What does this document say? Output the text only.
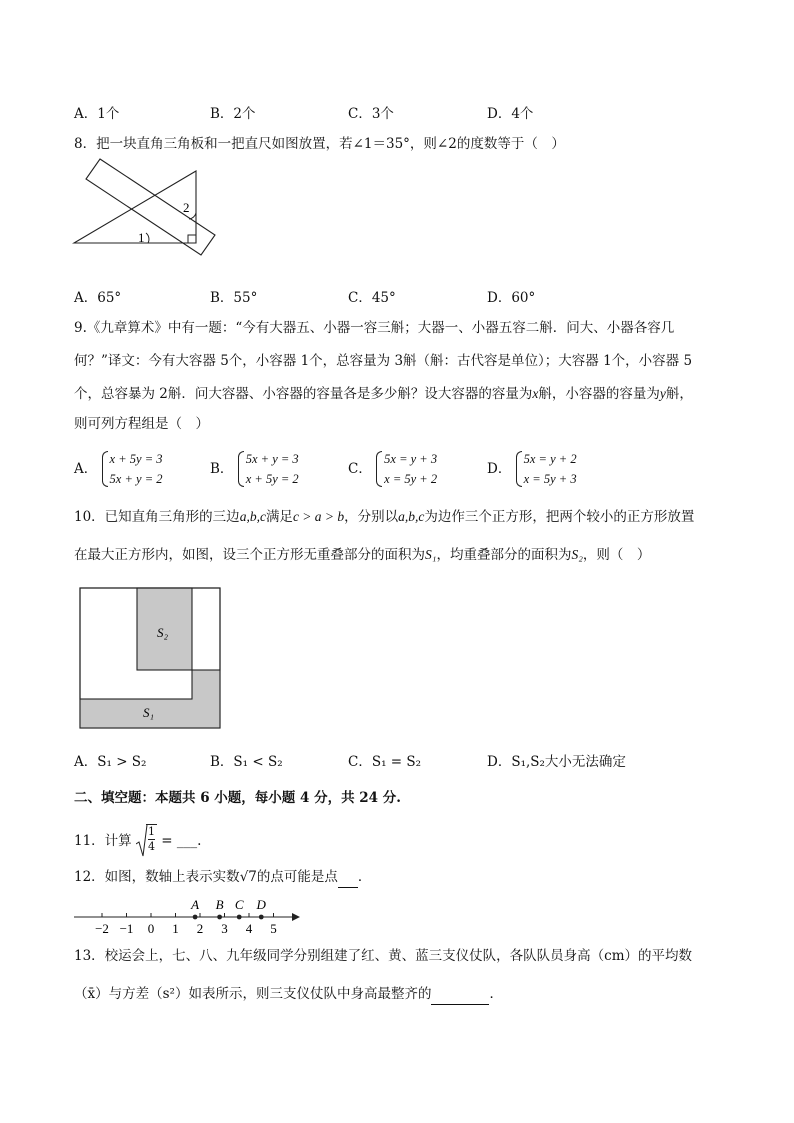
A．1个	B．2个	C．3个	D．4个
8．把一块直角三角板和一把直尺如图放置，若∠1＝35°，则∠2的度数等于（　）
1
2
A．65°	B．55°	C．45°	D．60°
9.《九章算术》中有一题：“今有大器五、小器一容三斛；大器一、小器五容二斛．问大、小器各容几
何？”译文：今有大容器 5个，小容器 1个，总容量为 3斛（斛：古代容是单位）；大容器 1个，小容器 5
个，总容暴为 2斛．问大容器、小容器的容量各是多少斛？设大容器的容量为x斛，小容器的容量为y斛，
则可列方程组是（　）
A．
x + 5y = 3
5x + y = 2
B．
5x + y = 3
x + 5y = 2
C．
5x = y + 3
x = 5y + 2
D．
5x = y + 2
x = 5y + 3
10．已知直角三角形的三边a,b,c满足c > a > b，分别以a,b,c为边作三个正方形，把两个较小的正方形放置
在最大正方形内，如图，设三个正方形无重叠部分的面积为S₁，均重叠部分的面积为S₂，则（　）
S₂
S₁
A．S₁ > S₂	B．S₁ < S₂	C．S₁ = S₂	D．S₁,S₂大小无法确定
二、填空题：本题共 6 小题，每小题 4 分，共 24 分.
11．计算 $\frac{1}{4}$ = ___.
12．如图，数轴上表示实数√7的点可能是点 ．
−2 −1 0 1 2 3 4 5
A B C D
13．校运会上，七、八、九年级同学分别组建了红、黄、蓝三支仪仗队，各队队员身高（cm）的平均数
（x̄）与方差（s²）如表所示，则三支仪仗队中身高最整齐的	．
